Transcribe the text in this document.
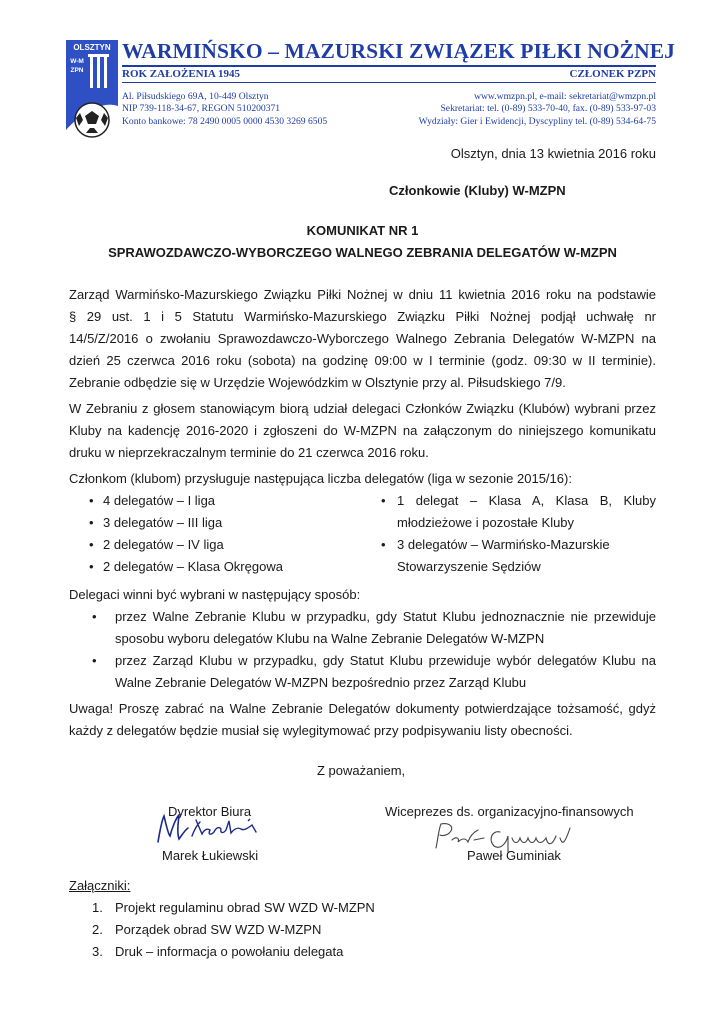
OLSZTYN
W-M
ZPN
WARMIŃSKO – MAZURSKI ZWIĄZEK PIŁKI NOŻNEJ
ROK ZAŁOŻENIA 1945	CZŁONEK PZPN
Al. Piłsudskiego 69A, 10-449 Olsztyn
NIP 739-118-34-67, REGON 510200371
Konto bankowe: 78 2490 0005 0000 4530 3269 6505
www.wmzpn.pl, e-mail: sekretariat@wmzpn.pl
Sekretariat: tel. (0-89) 533-70-40, fax. (0-89) 533-97-03
Wydziały: Gier i Ewidencji, Dyscypliny tel. (0-89) 534-64-75
Olsztyn, dnia 13 kwietnia 2016 roku
Członkowie (Kluby) W-MZPN
KOMUNIKAT NR 1
SPRAWOZDAWCZO-WYBORCZEGO WALNEGO ZEBRANIA DELEGATÓW W-MZPN
Zarząd Warmińsko-Mazurskiego Związku Piłki Nożnej w dniu 11 kwietnia 2016 roku na podstawie
§ 29 ust. 1 i 5 Statutu Warmińsko-Mazurskiego Związku Piłki Nożnej podjął uchwałę nr
14/5/Z/2016 o zwołaniu Sprawozdawczo-Wyborczego Walnego Zebrania Delegatów W-MZPN na
dzień 25 czerwca 2016 roku (sobota) na godzinę 09:00 w I terminie (godz. 09:30 w II terminie).
Zebranie odbędzie się w Urzędzie Wojewódzkim w Olsztynie przy al. Piłsudskiego 7/9.
W Zebraniu z głosem stanowiącym biorą udział delegaci Członków Związku (Klubów) wybrani przez
Kluby na kadencję 2016-2020 i zgłoszeni do W-MZPN na załączonym do niniejszego komunikatu
druku w nieprzekraczalnym terminie do 21 czerwca 2016 roku.
Członkom (klubom) przysługuje następująca liczba delegatów (liga w sezonie 2015/16):
• 4 delegatów – I liga
• 3 delegatów – III liga
• 2 delegatów – IV liga
• 2 delegatów – Klasa Okręgowa
• 1 delegat – Klasa A, Klasa B, Kluby
młodzieżowe i pozostałe Kluby
• 3 delegatów – Warmińsko-Mazurskie
Stowarzyszenie Sędziów
Delegaci winni być wybrani w następujący sposób:
• przez Walne Zebranie Klubu w przypadku, gdy Statut Klubu jednoznacznie nie przewiduje
sposobu wyboru delegatów Klubu na Walne Zebranie Delegatów W-MZPN
• przez Zarząd Klubu w przypadku, gdy Statut Klubu przewiduje wybór delegatów Klubu na
Walne Zebranie Delegatów W-MZPN bezpośrednio przez Zarząd Klubu
Uwaga! Proszę zabrać na Walne Zebranie Delegatów dokumenty potwierdzające tożsamość, gdyż
każdy z delegatów będzie musiał się wylegitymować przy podpisywaniu listy obecności.
Z poważaniem,
Dyrektor Biura
Marek Łukiewski
Wiceprezes ds. organizacyjno-finansowych
Paweł Guminiak
Załączniki:
1. Projekt regulaminu obrad SW WZD W-MZPN
2. Porządek obrad SW WZD W-MZPN
3. Druk – informacja o powołaniu delegata
